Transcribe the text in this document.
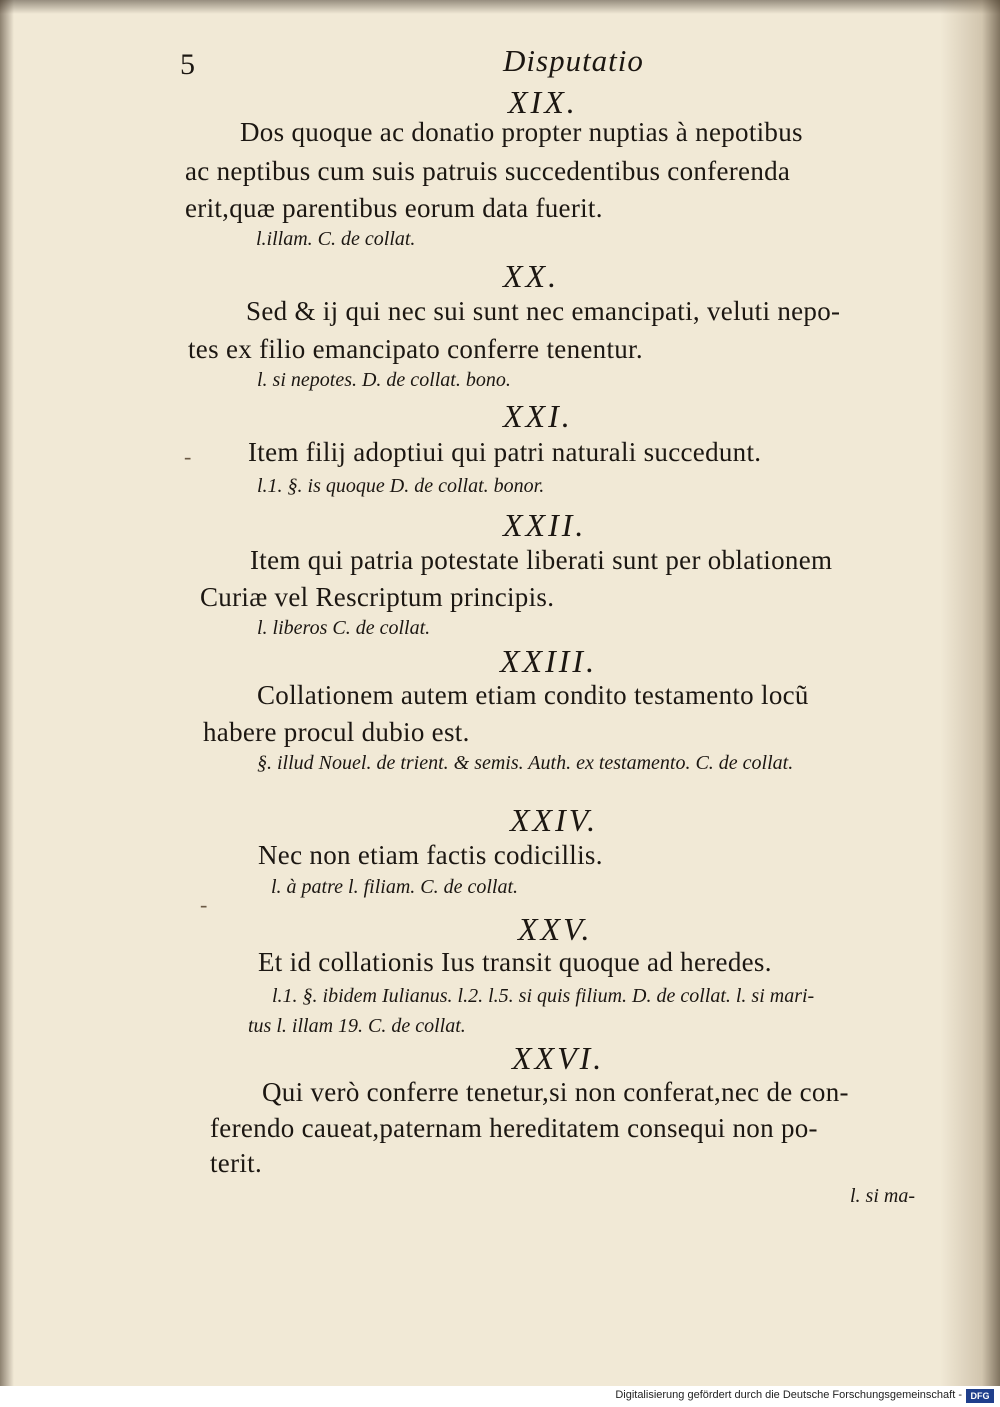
5	Disputatio
XIX.
Dos quoque ac donatio propter nuptias à nepotibus
ac neptibus cum suis patruis succedentibus conferenda
erit,quæ parentibus eorum data fuerit.
l.illam. C. de collat.
XX.
Sed & ij qui nec sui sunt nec emancipati, veluti nepo-
tes ex filio emancipato conferre tenentur.
l. si nepotes. D. de collat. bono.
XXI.
- Item filij adoptiui qui patri naturali succedunt.
l.1. §. is quoque D. de collat. bonor.
XXII.
Item qui patria potestate liberati sunt per oblationem
Curiæ vel Rescriptum principis.
l. liberos C. de collat.
XXIII.
Collationem autem etiam condito testamento locũ
habere procul dubio est.
§. illud Nouel. de trient. & semis. Auth. ex testamento. C. de collat.
XXIV.
Nec non etiam factis codicillis.
l. à patre l. filiam. C. de collat.
-
XXV.
Et id collationis Ius transit quoque ad heredes.
l.1. §. ibidem Iulianus. l.2. l.5. si quis filium. D. de collat. l. si mari-
tus l. illam 19. C. de collat.
XXVI.
Qui verò conferre tenetur,si non conferat,nec de con-
ferendo caueat,paternam hereditatem consequi non po-
terit.
l. si ma-
Digitalisierung gefördert durch die Deutsche Forschungsgemeinschaft - DFG
